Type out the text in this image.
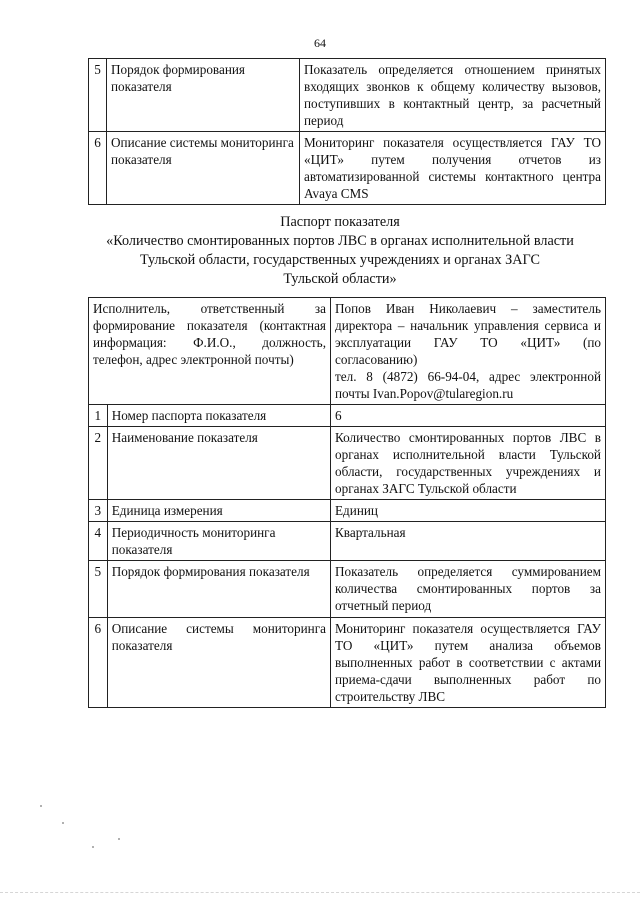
64
5	Порядок формирования показателя	Показатель определяется отношением принятых входящих звонков к общему количеству вызовов, поступивших в контактный центр, за расчетный период
6	Описание системы мониторинга показателя	Мониторинг показателя осуществляется ГАУ ТО «ЦИТ» путем получения отчетов из автоматизированной системы контактного центра Avaya CMS
Паспорт показателя
«Количество смонтированных портов ЛВС в органах исполнительной власти
Тульской области, государственных учреждениях и органах ЗАГС
Тульской области»
Исполнитель, ответственный за формирование показателя (контактная информация: Ф.И.О., должность, телефон, адрес электронной почты)		Попов Иван Николаевич – заместитель директора – начальник управления сервиса и эксплуатации ГАУ ТО «ЦИТ» (по согласованию)
тел. 8 (4872) 66-94-04, адрес электронной почты Ivan.Popov@tularegion.ru

1	Номер паспорта показателя	6
2	Наименование показателя	Количество смонтированных портов ЛВС в органах исполнительной власти Тульской области, государственных учреждениях и органах ЗАГС Тульской области
3	Единица измерения	Единиц
4	Периодичность мониторинга показателя	Квартальная
5	Порядок формирования показателя	Показатель определяется суммированием количества смонтированных портов за отчетный период
6	Описание системы мониторинга показателя	Мониторинг показателя осуществляется ГАУ ТО «ЦИТ» путем анализа объемов выполненных работ в соответствии с актами приема-сдачи выполненных работ по строительству ЛВС
